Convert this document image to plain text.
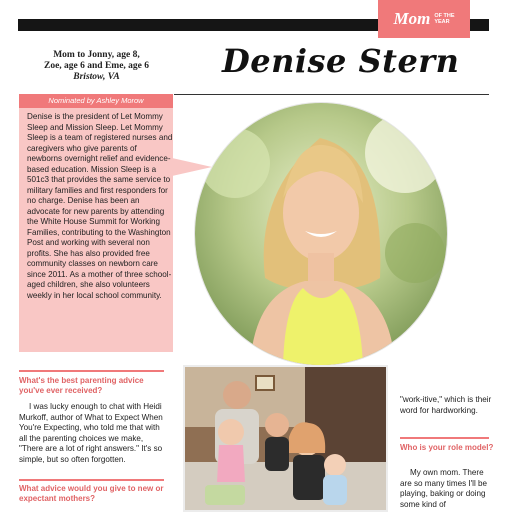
Mom OF THE
YEAR
Mom to Jonny, age 8,
Zoe, age 6 and Eme, age 6
Bristow, VA	Denise Stern
Nominated by Ashley Morow
Denise is the president of Let Mommy Sleep and Mission Sleep. Let Mommy Sleep is a team of registered nurses and caregivers who give parents of newborns overnight relief and evidence-based education. Mission Sleep is a 501c3 that provides the same service to military families and first responders for no charge. Denise has been an advocate for new parents by attending the White House Summit for Working Families, contributing to the Washington Post and working with several non profits. She has also provided free community classes on newborn care since 2011. As a mother of three school-aged children, she also volunteers weekly in her local school community.
What's the best parenting advice you've ever received?
I was lucky enough to chat with Heidi Murkoff, author of What to Expect When You're Expecting, who told me that with all the parenting choices we make, "There are a lot of right answers." It's so simple, but so often forgotten.
What advice would you give to new or expectant mothers?
"work-itive," which is their word for hardworking.
Who is your role model?
My own mom. There are so many times I'll be playing, baking or doing some kind of
